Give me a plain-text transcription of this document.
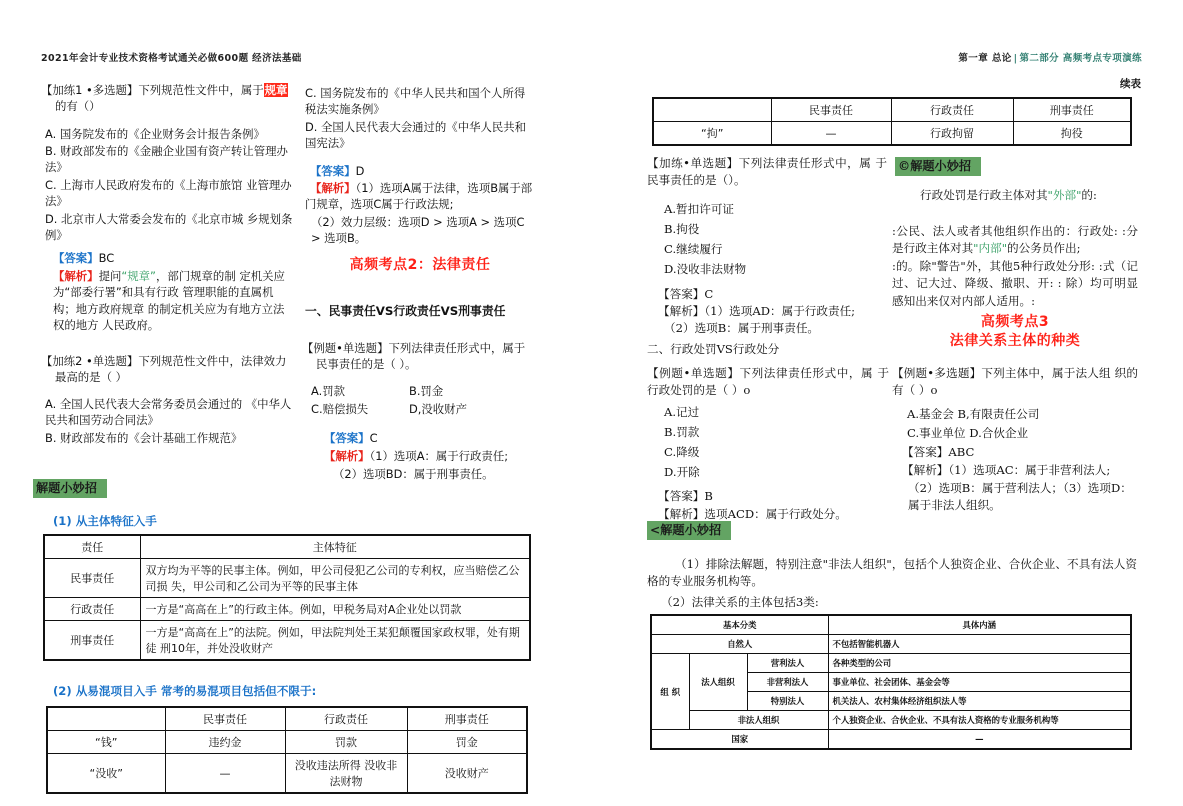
2021年会计专业技术资格考试通关必做600题 经济法基础
【加练1 •多选题】下列规范性文件中，属于规章的有（）
A. 国务院发布的《企业财务会计报告条例》
B. 财政部发布的《金融企业国有资产转让管理办法》
C. 上海市人民政府发布的《上海市旅馆 业管理办法》
D. 北京市人大常委会发布的《北京市城 乡规划条例》
【答案】BC
【解析】提问“规章”，部门规章的制 定机关应为“部委行署”和具有行政 管理职能的直属机构；地方政府规章 的制定机关应为有地方立法权的地方 人民政府。
【加练2 •单选题】下列规范性文件中，法律效力最高的是（ ）
A. 全国人民代表大会常务委员会通过的 《中华人民共和国劳动合同法》
B. 财政部发布的《会计基础工作规范》
C. 国务院发布的《中华人民共和国个人所得税法实施条例》
D. 全国人民代表大会通过的《中华人民共和国宪法》
【答案】D
【解析】（1）选项A属于法律，选项B属于部门规章，选项C属于行政法规;
（2）效力层级：选项D > 选项A > 选项C > 选项B。
高频考点2：法律责任
一、民事责任VS行政责任VS刑事责任
【例题•单选题】下列法律责任形式中，属于民事责任的是（ ）。
A.罚款	B.罚金
C.赔偿损失	D,没收财产
【答案】C
【解析】（1）选项A：属于行政责任;
（2）选项BD：属于刑事责任。
解题小妙招
(1) 从主体特征入手
责任	主体特征
民事责任	双方均为平等的民事主体。例如，甲公司侵犯乙公司的专利权，应当赔偿乙公司损 失，甲公司和乙公司为平等的民事主体
行政责任	一方是“高高在上”的行政主体。例如，甲税务局对A企业处以罚款
刑事责任	一方是“高高在上”的法院。例如，甲法院判处王某犯颠覆国家政权罪，处有期徒 刑10年，并处没收财产
(2) 从易混项目入手 常考的易混项目包括但不限于:
	民事责任	行政责任	刑事责任
“钱”	违约金	罚款	罚金
“没收”	—	没收违法所得 没收非法财物	没收财产
第一章 总论 | 第二部分 高频考点专项演练
续表
	民事责任	行政责任	刑事责任
“拘”	—	行政拘留	拘役
【加练•单选题】下列法律责任形式中，属 于民事责任的是（）。
A.暂扣许可证
B.拘役
C.继续履行
D.没收非法财物
【答案】C
【解析】（1）选项AD：属于行政责任;
（2）选项B：属于刑事责任。
二、行政处罚VS行政处分
【例题•单选题】下列法律责任形式中，属 于行政处罚的是（ ）o
A.记过
B.罚款
C.降级
D.开除
【答案】B
【解析】选项ACD：属于行政处分。
©解题小妙招
行政处罚是行政主体对其"外部"的:
:公民、法人或者其他组织作出的：行政处: :分是行政主体对其"内部"的公务员作出;
:的。除"警告"外，其他5种行政处分形: :式（记过、记大过、降级、撤职、开: : 除）均可明显感知出来仅对内部人适用。:
高频考点3
法律关系主体的种类
【例题•多选题】下列主体中，属于法人组 织的有（ ）o
A.基金会 B,有限责任公司
C.事业单位 D.合伙企业
【答案】ABC
【解析】（1）选项AC：属于非营利法人;
（2）选项B：属于营利法人；（3）选项D：属于非法人组织。
<解题小妙招
（1）排除法解题，特别注意"非法人组织"，包括个人独资企业、合伙企业、不具有法人资格的专业服务机构等。
（2）法律关系的主体包括3类:
基本分类			具体内涵
自然人			不包括智能机器人
组 织	法人组织	营利法人	各种类型的公司
		非营利法人	事业单位、社会团体、基金会等
		特别法人	机关法人、农村集体经济组织法人等
	非法人组织		个人独资企业、合伙企业、不具有法人资格的专业服务机构等
国家			—
